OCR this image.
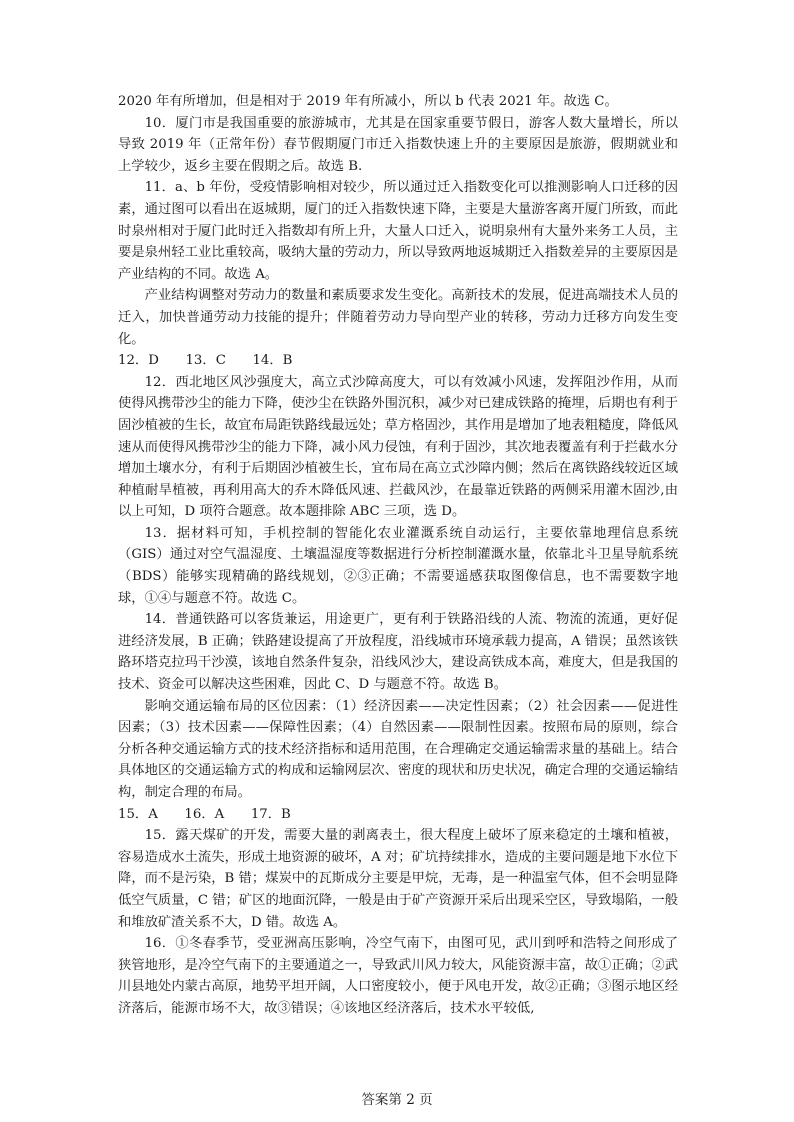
2020 年有所增加，但是相对于 2019 年有所减小，所以 b 代表 2021 年。故选 C。

10．厦门市是我国重要的旅游城市，尤其是在国家重要节假日，游客人数大量增长，所以导致 2019 年（正常年份）春节假期厦门市迁入指数快速上升的主要原因是旅游，假期就业和上学较少，返乡主要在假期之后。故选 B.

11．a、b 年份，受疫情影响相对较少，所以通过迁入指数变化可以推测影响人口迁移的因素，通过图可以看出在返城期，厦门的迁入指数快速下降，主要是大量游客离开厦门所致，而此时泉州相对于厦门此时迁入指数却有所上升，大量人口迁入，说明泉州有大量外来务工人员，主要是泉州轻工业比重较高，吸纳大量的劳动力，所以导致两地返城期迁入指数差异的主要原因是产业结构的不同。故选 A。

产业结构调整对劳动力的数量和素质要求发生变化。高新技术的发展，促进高端技术人员的迁入，加快普通劳动力技能的提升；伴随着劳动力导向型产业的转移，劳动力迁移方向发生变化。

12．D　　13．C　　14．B

12．西北地区风沙强度大，高立式沙障高度大，可以有效减小风速，发挥阻沙作用，从而使得风携带沙尘的能力下降，使沙尘在铁路外围沉积，减少对已建成铁路的掩埋，后期也有利于固沙植被的生长，故宜布局距铁路线最远处；草方格固沙，其作用是增加了地表粗糙度，降低风速从而使得风携带沙尘的能力下降，减小风力侵蚀，有利于固沙，其次地表覆盖有利于拦截水分增加土壤水分，有利于后期固沙植被生长，宜布局在高立式沙障内侧；然后在离铁路线较近区域种植耐旱植被，再利用高大的乔木降低风速、拦截风沙，在最靠近铁路的两侧采用灌木固沙,由以上可知，D 项符合题意。故本题排除 ABC 三项，选 D。

13．据材料可知，手机控制的智能化农业灌溉系统自动运行，主要依靠地理信息系统（GIS）通过对空气温湿度、土壤温湿度等数据进行分析控制灌溉水量，依靠北斗卫星导航系统（BDS）能够实现精确的路线规划，②③正确；不需要遥感获取图像信息，也不需要数字地球，①④与题意不符。故选 C。

14．普通铁路可以客货兼运，用途更广，更有利于铁路沿线的人流、物流的流通，更好促进经济发展，B 正确；铁路建设提高了开放程度，沿线城市环境承载力提高，A 错误；虽然该铁路环塔克拉玛干沙漠，该地自然条件复杂，沿线风沙大，建设高铁成本高，难度大，但是我国的技术、资金可以解决这些困难，因此 C、D 与题意不符。故选 B。

影响交通运输布局的区位因素：（1）经济因素——决定性因素；（2）社会因素——促进性因素；（3）技术因素——保障性因素；（4）自然因素——限制性因素。按照布局的原则，综合分析各种交通运输方式的技术经济指标和适用范围，在合理确定交通运输需求量的基础上。结合具体地区的交通运输方式的构成和运输网层次、密度的现状和历史状况，确定合理的交通运输结构，制定合理的布局。

15．A　　16．A　　17．B

15．露天煤矿的开发，需要大量的剥离表土，很大程度上破坏了原来稳定的土壤和植被，容易造成水土流失，形成土地资源的破坏，A 对；矿坑持续排水，造成的主要问题是地下水位下降，而不是污染，B 错；煤炭中的瓦斯成分主要是甲烷，无毒，是一种温室气体，但不会明显降低空气质量，C 错；矿区的地面沉降，一般是由于矿产资源开采后出现采空区，导致塌陷，一般和堆放矿渣关系不大，D 错。故选 A。

16．①冬春季节，受亚洲高压影响，冷空气南下，由图可见，武川到呼和浩特之间形成了狭管地形，是冷空气南下的主要通道之一，导致武川风力较大，风能资源丰富，故①正确；②武川县地处内蒙古高原，地势平坦开阔，人口密度较小，便于风电开发，故②正确；③图示地区经济落后，能源市场不大，故③错误；④该地区经济落后，技术水平较低,

答案第 2 页
